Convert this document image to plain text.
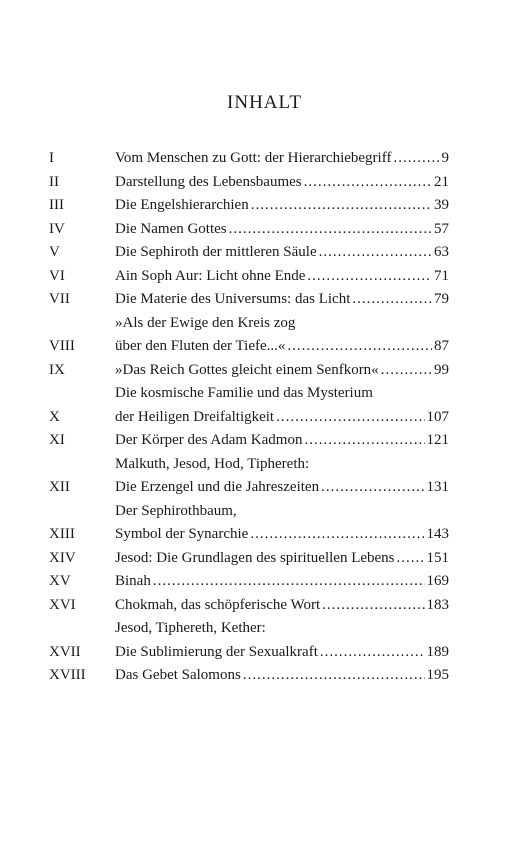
INHALT
I	Vom Menschen zu Gott: der Hierarchiebegriff .....	9
II	Darstellung des Lebensbaumes .....	21
III	Die Engelshierarchien .....	39
IV	Die Namen Gottes .....	57
V	Die Sephiroth der mittleren Säule .....	63
VI	Ain Soph Aur: Licht ohne Ende .....	71
VII	Die Materie des Universums: das Licht .....	79
»Als der Ewige den Kreis zog
VIII	über den Fluten der Tiefe...« .....	87
IX	»Das Reich Gottes gleicht einem Senfkorn« .....	99
Die kosmische Familie und das Mysterium
X	der Heiligen Dreifaltigkeit .....	107
XI	Der Körper des Adam Kadmon .....	121
Malkuth, Jesod, Hod, Tiphereth:
XII	Die Erzengel und die Jahreszeiten .....	131
Der Sephirothbaum,
XIII	Symbol der Synarchie .....	143
XIV	Jesod: Die Grundlagen des spirituellen Lebens ..... 151
XV	Binah .....	169
XVI	Chokmah, das schöpferische Wort .....	183
Jesod, Tiphereth, Kether:
XVII	Die Sublimierung der Sexualkraft .....	189
XVIII	Das Gebet Salomons .....	195
